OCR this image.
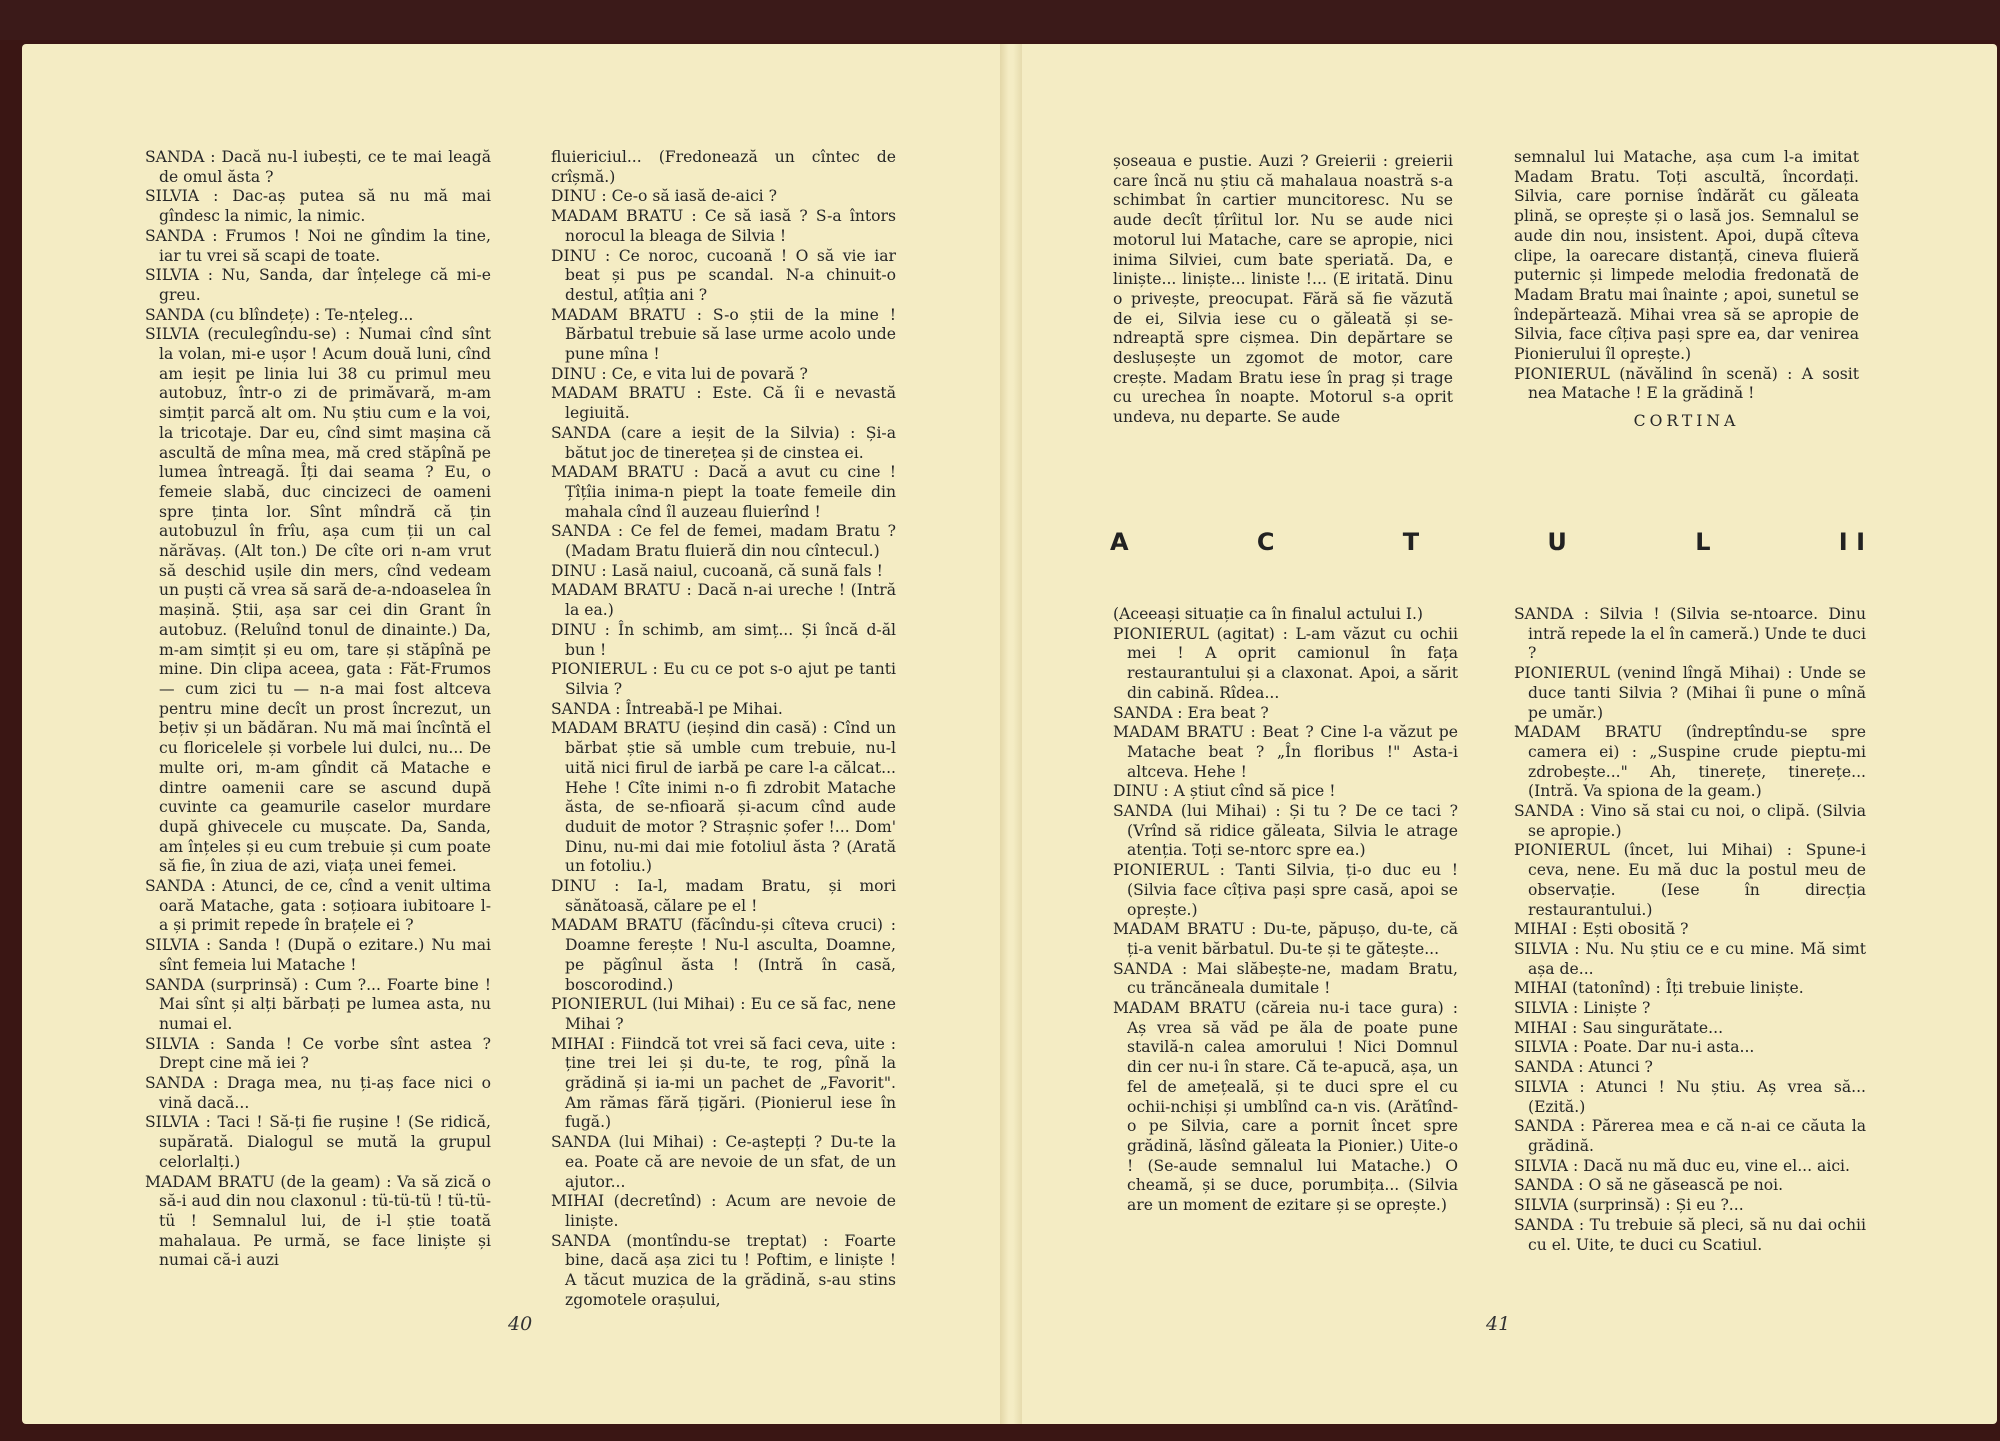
SANDA : Dacă nu-l iubești, ce te mai leagă de omul ăsta ?

SILVIA : Dac-aș putea să nu mă mai gîndesc la nimic, la nimic.

SANDA : Frumos ! Noi ne gîndim la tine, iar tu vrei să scapi de toate.

SILVIA : Nu, Sanda, dar înțelege că mi-e greu.

SANDA (cu blîndețe) : Te-nțeleg...

SILVIA (reculegîndu-se) : Numai cînd sînt la volan, mi-e ușor ! Acum două luni, cînd am ieșit pe linia lui 38 cu primul meu autobuz, într-o zi de primăvară, m-am simțit parcă alt om. Nu știu cum e la voi, la tricotaje. Dar eu, cînd simt mașina că ascultă de mîna mea, mă cred stăpînă pe lumea întreagă. Îți dai seama ? Eu, o femeie slabă, duc cincizeci de oameni spre ținta lor. Sînt mîndră că țin autobuzul în frîu, așa cum ții un cal nărăvaș. (Alt ton.) De cîte ori n-am vrut să deschid ușile din mers, cînd vedeam un puști că vrea să sară de-a-ndoaselea în mașină. Știi, așa sar cei din Grant în autobuz. (Reluînd tonul de dinainte.) Da, m-am simțit și eu om, tare și stăpînă pe mine. Din clipa aceea, gata : Făt-Frumos — cum zici tu — n-a mai fost altceva pentru mine decît un prost încrezut, un bețiv și un bădăran. Nu mă mai încîntă el cu floricelele și vorbele lui dulci, nu... De multe ori, m-am gîndit că Matache e dintre oamenii care se ascund după cuvinte ca geamurile caselor murdare după ghivecele cu mușcate. Da, Sanda, am înțeles și eu cum trebuie și cum poate să fie, în ziua de azi, viața unei femei.

SANDA : Atunci, de ce, cînd a venit ultima oară Matache, gata : soțioara iubitoare l-a și primit repede în brațele ei ?

SILVIA : Sanda ! (După o ezitare.) Nu mai sînt femeia lui Matache !

SANDA (surprinsă) : Cum ?... Foarte bine ! Mai sînt și alți bărbați pe lumea asta, nu numai el.

SILVIA : Sanda ! Ce vorbe sînt astea ? Drept cine mă iei ?

SANDA : Draga mea, nu ți-aș face nici o vină dacă...

SILVIA : Taci ! Să-ți fie rușine ! (Se ridică, supărată. Dialogul se mută la grupul celorlalți.)

MADAM BRATU (de la geam) : Va să zică o să-i aud din nou claxonul : tü-tü-tü ! tü-tü-tü ! Semnalul lui, de i-l știe toată mahalaua. Pe urmă, se face liniște și numai că-i auzi

fluiericiul... (Fredonează un cîntec de crîșmă.)

DINU : Ce-o să iasă de-aici ?

MADAM BRATU : Ce să iasă ? S-a întors norocul la bleaga de Silvia !

DINU : Ce noroc, cucoană ! O să vie iar beat și pus pe scandal. N-a chinuit-o destul, atîția ani ?

MADAM BRATU : S-o știi de la mine ! Bărbatul trebuie să lase urme acolo unde pune mîna !

DINU : Ce, e vita lui de povară ?

MADAM BRATU : Este. Că îi e nevastă legiuită.

SANDA (care a ieșit de la Silvia) : Și-a bătut joc de tinerețea și de cinstea ei.

MADAM BRATU : Dacă a avut cu cine ! Țîțîia inima-n piept la toate femeile din mahala cînd îl auzeau fluierînd !

SANDA : Ce fel de femei, madam Bratu ? (Madam Bratu fluieră din nou cîntecul.)

DINU : Lasă naiul, cucoană, că sună fals !

MADAM BRATU : Dacă n-ai ureche ! (Intră la ea.)

DINU : În schimb, am simț... Și încă d-ăl bun !

PIONIERUL : Eu cu ce pot s-o ajut pe tanti Silvia ?

SANDA : Întreabă-l pe Mihai.

MADAM BRATU (ieșind din casă) : Cînd un bărbat știe să umble cum trebuie, nu-l uită nici firul de iarbă pe care l-a călcat... Hehe ! Cîte inimi n-o fi zdrobit Matache ăsta, de se-nfioară și-acum cînd aude duduit de motor ? Strașnic șofer !... Dom' Dinu, nu-mi dai mie fotoliul ăsta ? (Arată un fotoliu.)

DINU : Ia-l, madam Bratu, și mori sănătoasă, călare pe el !

MADAM BRATU (făcîndu-și cîteva cruci) : Doamne ferește ! Nu-l asculta, Doamne, pe păgînul ăsta ! (Intră în casă, boscorodind.)

PIONIERUL (lui Mihai) : Eu ce să fac, nene Mihai ?

MIHAI : Fiindcă tot vrei să faci ceva, uite : ține trei lei și du-te, te rog, pînă la grădină și ia-mi un pachet de „Favorit". Am rămas fără țigări. (Pionierul iese în fugă.)

SANDA (lui Mihai) : Ce-aștepți ? Du-te la ea. Poate că are nevoie de un sfat, de un ajutor...

MIHAI (decretînd) : Acum are nevoie de liniște.

SANDA (montîndu-se treptat) : Foarte bine, dacă așa zici tu ! Poftim, e liniște ! A tăcut muzica de la grădină, s-au stins zgomotele orașului,

șoseaua e pustie. Auzi ? Greierii : greierii care încă nu știu că mahalaua noastră s-a schimbat în cartier muncitoresc. Nu se aude decît țîrîitul lor. Nu se aude nici motorul lui Matache, care se apropie, nici inima Silviei, cum bate speriată. Da, e liniște... liniște... liniste !... (E iritată. Dinu o privește, preocupat. Fără să fie văzută de ei, Silvia iese cu o găleată și se-ndreaptă spre cișmea. Din depărtare se deslușește un zgomot de motor, care crește. Madam Bratu iese în prag și trage cu urechea în noapte. Motorul s-a oprit undeva, nu departe. Se aude

semnalul lui Matache, așa cum l-a imitat Madam Bratu. Toți ascultă, încordați. Silvia, care pornise îndărăt cu găleata plină, se oprește și o lasă jos. Semnalul se aude din nou, insistent. Apoi, după cîteva clipe, la oarecare distanță, cineva fluieră puternic și limpede melodia fredonată de Madam Bratu mai înainte ; apoi, sunetul se îndepărtează. Mihai vrea să se apropie de Silvia, face cîțiva pași spre ea, dar venirea Pionierului îl oprește.)

PIONIERUL (năvălind în scenă) : A sosit nea Matache ! E la grădină !

CORTINA

A	C	T	U	L	I I

(Aceeași situație ca în finalul actului I.)

PIONIERUL (agitat) : L-am văzut cu ochii mei ! A oprit camionul în fața restaurantului și a claxonat. Apoi, a sărit din cabină. Rîdea...

SANDA : Era beat ?

MADAM BRATU : Beat ? Cine l-a văzut pe Matache beat ? „În floribus !" Asta-i altceva. Hehe !

DINU : A știut cînd să pice !

SANDA (lui Mihai) : Și tu ? De ce taci ? (Vrînd să ridice găleata, Silvia le atrage atenția. Toți se-ntorc spre ea.)

PIONIERUL : Tanti Silvia, ți-o duc eu ! (Silvia face cîțiva pași spre casă, apoi se oprește.)

MADAM BRATU : Du-te, păpușo, du-te, că ți-a venit bărbatul. Du-te și te gătește...

SANDA : Mai slăbește-ne, madam Bratu, cu trăncăneala dumitale !

MADAM BRATU (căreia nu-i tace gura) : Aș vrea să văd pe ăla de poate pune stavilă-n calea amorului ! Nici Domnul din cer nu-i în stare. Că te-apucă, așa, un fel de amețeală, și te duci spre el cu ochii-nchiși și umblînd ca-n vis. (Arătînd-o pe Silvia, care a pornit încet spre grădină, lăsînd găleata la Pionier.) Uite-o ! (Se-aude semnalul lui Matache.) O cheamă, și se duce, porumbița... (Silvia are un moment de ezitare și se oprește.)

SANDA : Silvia ! (Silvia se-ntoarce. Dinu intră repede la el în cameră.) Unde te duci ?

PIONIERUL (venind lîngă Mihai) : Unde se duce tanti Silvia ? (Mihai îi pune o mînă pe umăr.)

MADAM BRATU (îndreptîndu-se spre camera ei) : „Suspine crude pieptu-mi zdrobește..." Ah, tinerețe, tinerețe... (Intră. Va spiona de la geam.)

SANDA : Vino să stai cu noi, o clipă. (Silvia se apropie.)

PIONIERUL (încet, lui Mihai) : Spune-i ceva, nene. Eu mă duc la postul meu de observație. (Iese în direcția restaurantului.)

MIHAI : Ești obosită ?

SILVIA : Nu. Nu știu ce e cu mine. Mă simt așa de...

MIHAI (tatonînd) : Îți trebuie liniște.

SILVIA : Liniște ?

MIHAI : Sau singurătate...

SILVIA : Poate. Dar nu-i asta...

SANDA : Atunci ?

SILVIA : Atunci ! Nu știu. Aș vrea să... (Ezită.)

SANDA : Părerea mea e că n-ai ce căuta la grădină.

SILVIA : Dacă nu mă duc eu, vine el... aici.

SANDA : O să ne găsească pe noi.

SILVIA (surprinsă) : Și eu ?...

SANDA : Tu trebuie să pleci, să nu dai ochii cu el. Uite, te duci cu Scatiul.

40	41
